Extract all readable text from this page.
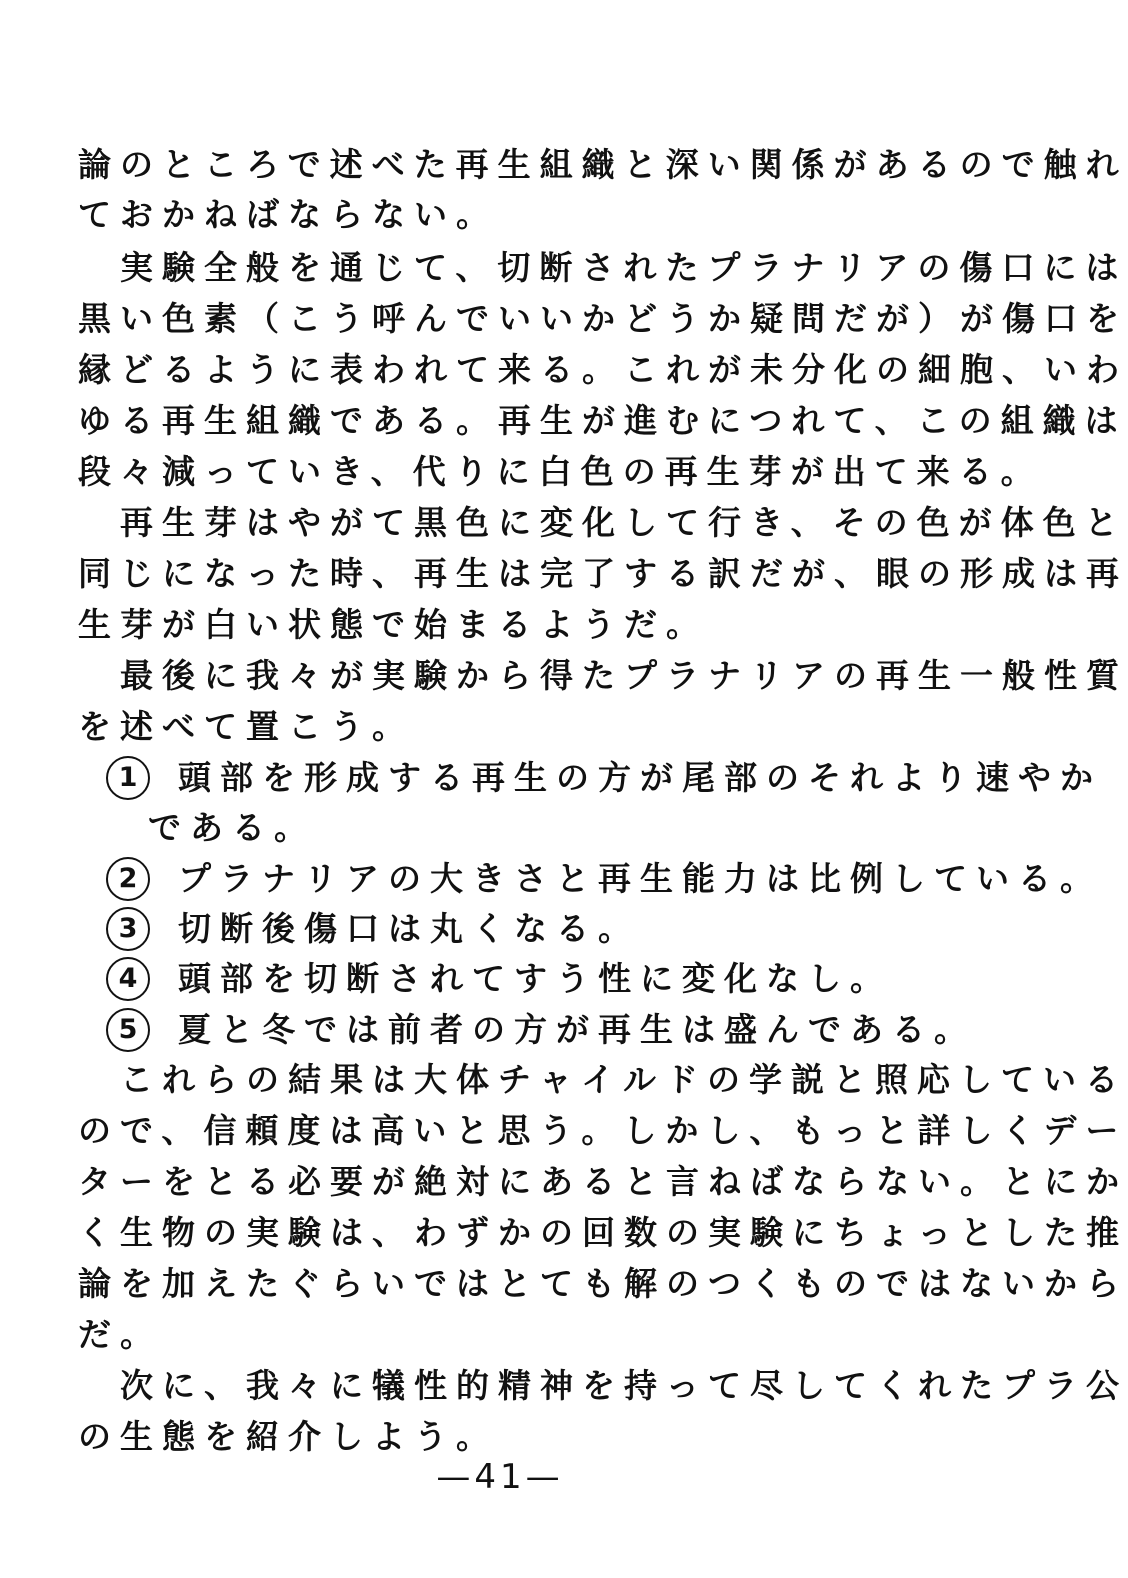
論のところで述べた再生組織と深い関係があるので触れ
ておかねばならない。
　実験全般を通じて、切断されたプラナリアの傷口には
黒い色素（こう呼んでいいかどうか疑問だが）が傷口を
縁どるように表われて来る。これが未分化の細胞、いわ
ゆる再生組織である。再生が進むにつれて、この組織は
段々減っていき、代りに白色の再生芽が出て来る。
　再生芽はやがて黒色に変化して行き、その色が体色と
同じになった時、再生は完了する訳だが、眼の形成は再
生芽が白い状態で始まるようだ。
　最後に我々が実験から得たプラナリアの再生一般性質
を述べて置こう。
1	頭部を形成する再生の方が尾部のそれより速やか
である。
2	プラナリアの大きさと再生能力は比例している。
3	切断後傷口は丸くなる。
4	頭部を切断されてすう性に変化なし。
5	夏と冬では前者の方が再生は盛んである。
　これらの結果は大体チャイルドの学説と照応している
ので、信頼度は高いと思う。しかし、もっと詳しくデー
ターをとる必要が絶対にあると言ねばならない。とにか
く生物の実験は、わずかの回数の実験にちょっとした推
論を加えたぐらいではとても解のつくものではないから
だ。
　次に、我々に犠性的精神を持って尽してくれたプラ公
の生態を紹介しよう。
—41—
